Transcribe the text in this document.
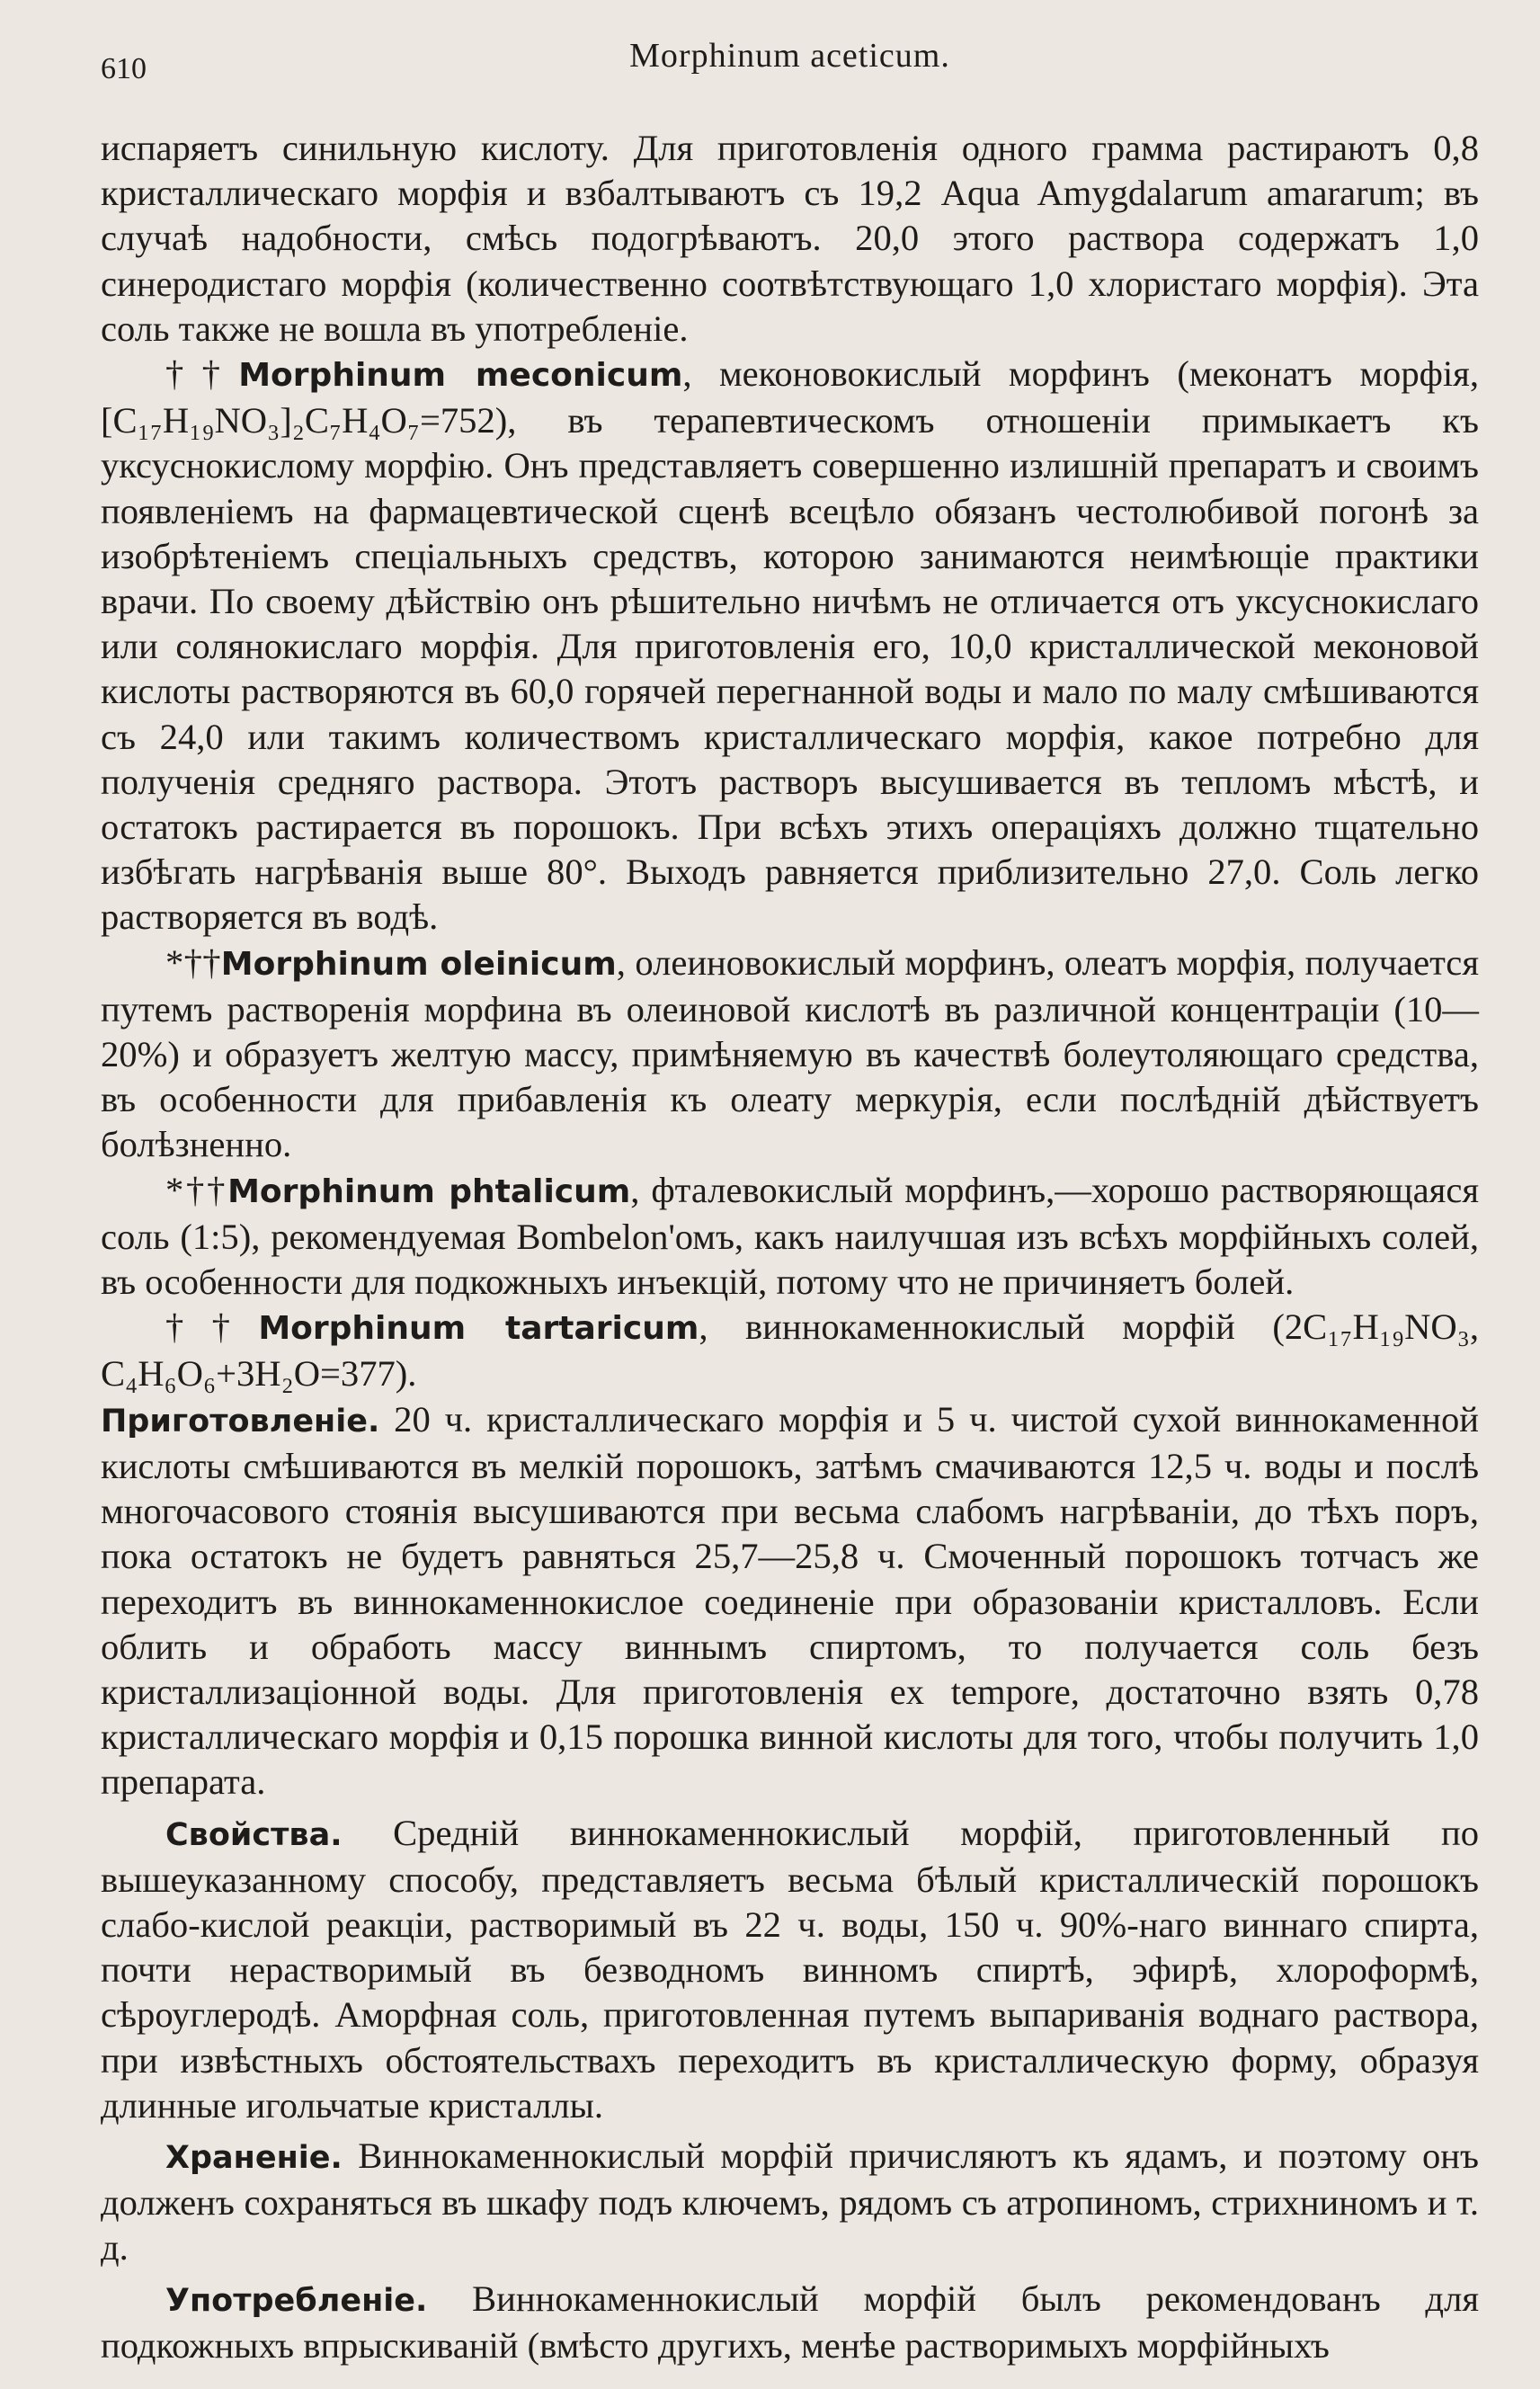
610	Morphinum aceticum.

испаряетъ синильную кислоту. Для приготовленія одного грамма растираютъ 0,8 кристаллическаго морфія и взбалтываютъ съ 19,2 Aqua Amygdalarum amararum; въ случаѣ надобности, смѣсь подогрѣваютъ. 20,0 этого раствора содержатъ 1,0 синеродистаго морфія (количественно соотвѣтствующаго 1,0 хлористаго морфія). Эта соль также не вошла въ употребленіе.

††Morphinum meconicum, меконовокислый морфинъ (меконатъ морфія, [C₁₇H₁₉NO₃]₂C₇H₄O₇=752), въ терапевтическомъ отношеніи примыкаетъ къ уксуснокислому морфію. Онъ представляетъ совершенно излишній препаратъ и своимъ появленіемъ на фармацевтической сценѣ всецѣло обязанъ честолюбивой погонѣ за изобрѣтеніемъ спеціальныхъ средствъ, которою занимаются неимѣющіе практики врачи. По своему дѣйствію онъ рѣшительно ничѣмъ не отличается отъ уксуснокислаго или солянокислаго морфія. Для приготовленія его, 10,0 кристаллической меконовой кислоты растворяются въ 60,0 горячей перегнанной воды и мало по малу смѣшиваются съ 24,0 или такимъ количествомъ кристаллическаго морфія, какое потребно для полученія средняго раствора. Этотъ растворъ высушивается въ тепломъ мѣстѣ, и остатокъ растирается въ порошокъ. При всѣхъ этихъ операціяхъ должно тщательно избѣгать нагрѣванія выше 80°. Выходъ равняется приблизительно 27,0. Соль легко растворяется въ водѣ.

*††Morphinum oleinicum, олеиновокислый морфинъ, олеатъ морфія, получается путемъ растворенія морфина въ олеиновой кислотѣ въ различной концентраціи (10—20%) и образуетъ желтую массу, примѣняемую въ качествѣ болеутоляющаго средства, въ особенности для прибавленія къ олеату меркурія, если послѣдній дѣйствуетъ болѣзненно.

*††Morphinum phtalicum, фталевокислый морфинъ,—хорошо растворяющаяся соль (1:5), рекомендуемая Bombelon'омъ, какъ наилучшая изъ всѣхъ морфійныхъ солей, въ особенности для подкожныхъ инъекцій, потому что не причиняетъ болей.

††Morphinum tartaricum, виннокаменнокислый морфій (2C₁₇H₁₉NO₃, C₄H₆O₆+3H₂O=377).

Приготовленіе. 20 ч. кристаллическаго морфія и 5 ч. чистой сухой виннокаменной кислоты смѣшиваются въ мелкій порошокъ, затѣмъ смачиваются 12,5 ч. воды и послѣ многочасового стоянія высушиваются при весьма слабомъ нагрѣваніи, до тѣхъ поръ, пока остатокъ не будетъ равняться 25,7—25,8 ч. Смоченный порошокъ тотчасъ же переходитъ въ виннокаменнокислое соединеніе при образованіи кристалловъ. Если облить и обработь массу виннымъ спиртомъ, то получается соль безъ кристаллизаціонной воды. Для приготовленія ex tempore, достаточно взять 0,78 кристаллическаго морфія и 0,15 порошка винной кислоты для того, чтобы получить 1,0 препарата.

Свойства. Средній виннокаменнокислый морфій, приготовленный по вышеуказанному способу, представляетъ весьма бѣлый кристаллическій порошокъ слабо-кислой реакціи, растворимый въ 22 ч. воды, 150 ч. 90%-наго виннаго спирта, почти нерастворимый въ безводномъ винномъ спиртѣ, эфирѣ, хлороформѣ, сѣроуглеродѣ. Аморфная соль, приготовленная путемъ выпариванія воднаго раствора, при извѣстныхъ обстоятельствахъ переходитъ въ кристаллическую форму, образуя длинные игольчатые кристаллы.

Храненіе. Виннокаменнокислый морфій причисляютъ къ ядамъ, и поэтому онъ долженъ сохраняться въ шкафу подъ ключемъ, рядомъ съ атропиномъ, стрихниномъ и т. д.

Употребленіе. Виннокаменнокислый морфій былъ рекомендованъ для подкожныхъ впрыскиваній (вмѣсто другихъ, менѣе растворимыхъ морфійныхъ
